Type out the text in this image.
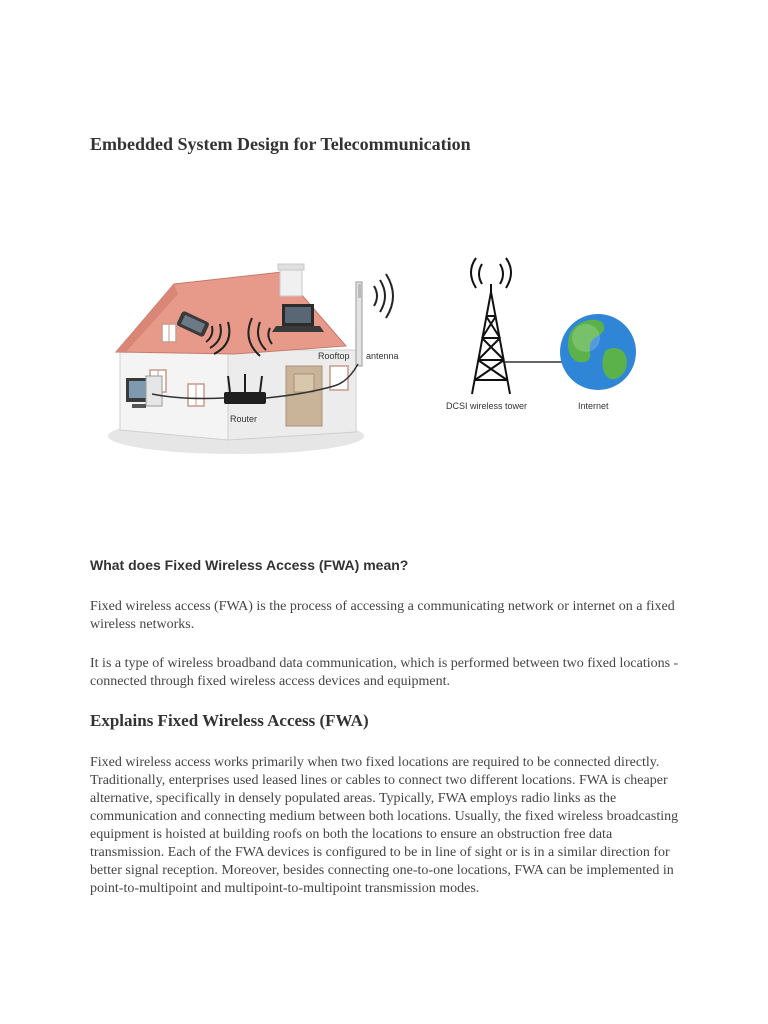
Embedded System Design for Telecommunication
Rooftop antenna
Router
DCSI wireless tower	Internet
What does Fixed Wireless Access (FWA) mean?

Fixed wireless access (FWA) is the process of accessing a communicating network or internet on a fixed wireless networks.

It is a type of wireless broadband data communication, which is performed between two fixed locations - connected through fixed wireless access devices and equipment.

Explains Fixed Wireless Access (FWA)

Fixed wireless access works primarily when two fixed locations are required to be connected directly. Traditionally, enterprises used leased lines or cables to connect two different locations. FWA is cheaper alternative, specifically in densely populated areas. Typically, FWA employs radio links as the communication and connecting medium between both locations. Usually, the fixed wireless broadcasting equipment is hoisted at building roofs on both the locations to ensure an obstruction free data transmission. Each of the FWA devices is configured to be in line of sight or is in a similar direction for better signal reception. Moreover, besides connecting one-to-one locations, FWA can be implemented in point-to-multipoint and multipoint-to-multipoint transmission modes.
